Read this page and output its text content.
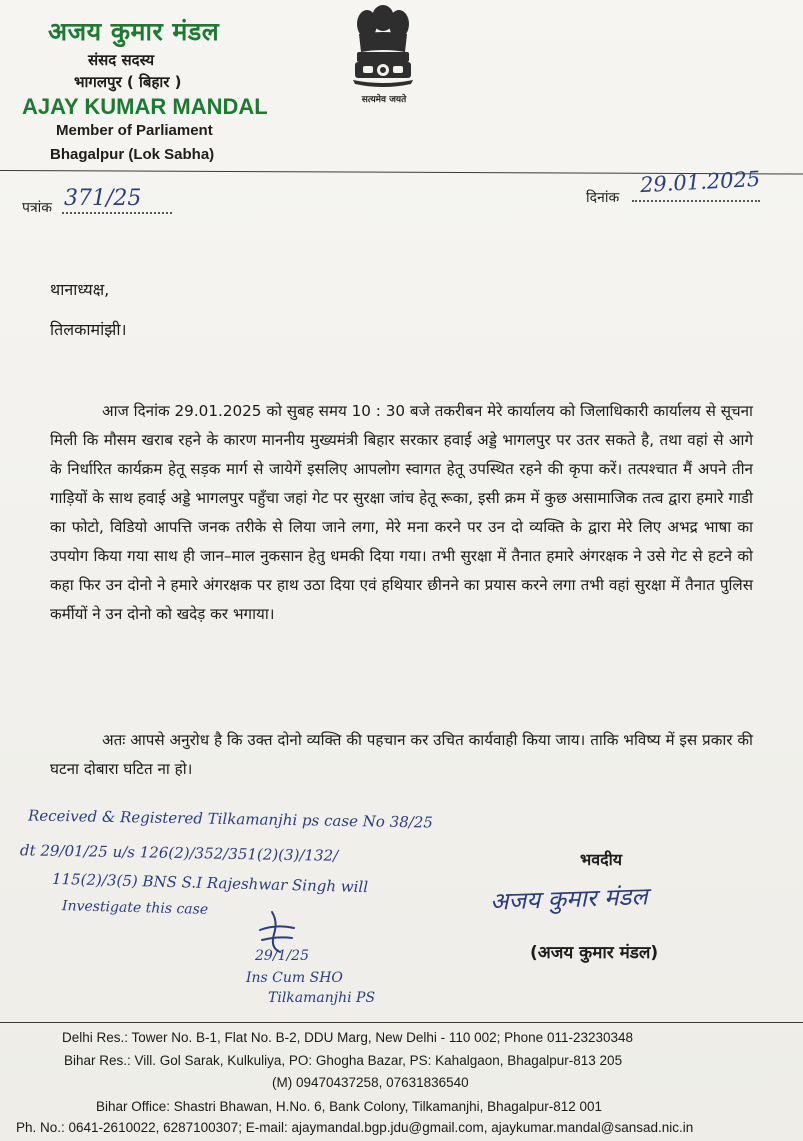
अजय कुमार मंडल
संसद सदस्य
भागलपुर ( बिहार )
AJAY KUMAR MANDAL
Member of Parliament
Bhagalpur (Lok Sabha)
सत्यमेव जयते
पत्रांक 371/25	दिनांक
29.01.2025
थानाध्यक्ष,
तिलकामांझी।
आज दिनांक 29.01.2025 को सुबह समय 10 : 30 बजे तकरीबन मेरे कार्यालय को जिलाधिकारी कार्यालय से सूचना मिली कि मौसम खराब रहने के कारण माननीय मुख्यमंत्री बिहार सरकार हवाई अड्डे भागलपुर पर उतर सकते है, तथा वहां से आगे के निर्धारित कार्यक्रम हेतू सड़क मार्ग से जायेगें इसलिए आपलोग स्वागत हेतू उपस्थित रहने की कृपा करें। तत्पश्चात मैं अपने तीन गाड़ियों के साथ हवाई अड्डे भागलपुर पहुँचा जहां गेट पर सुरक्षा जांच हेतू रूका, इसी क्रम में कुछ असामाजिक तत्व द्वारा हमारे गाडी का फोटो, विडियो आपत्ति जनक तरीके से लिया जाने लगा, मेरे मना करने पर उन दो व्यक्ति के द्वारा मेरे लिए अभद्र भाषा का उपयोग किया गया साथ ही जान–माल नुकसान हेतु धमकी दिया गया। तभी सुरक्षा में तैनात हमारे अंगरक्षक ने उसे गेट से हटने को कहा फिर उन दोनो ने हमारे अंगरक्षक पर हाथ उठा दिया एवं हथियार छीनने का प्रयास करने लगा तभी वहां सुरक्षा में तैनात पुलिस कर्मीयों ने उन दोनो को खदेड़ कर भगाया।
अतः आपसे अनुरोध है कि उक्त दोनो व्यक्ति की पहचान कर उचित कार्यवाही किया जाय। ताकि भविष्य में इस प्रकार की घटना दोबारा घटित ना हो।
Received & Registered Tilkamanjhi ps case No 38/25
dt 29/01/25 u/s 126(2)/352/351(2)(3)/132/
115(2)/3(5) BNS S.I Rajeshwar Singh will
Investigate this case
29/1/25
Ins Cum SHO
Tilkamanjhi PS
भवदीय
अजय कुमार मंडल
(अजय कुमार मंडल)
Delhi Res.: Tower No. B-1, Flat No. B-2, DDU Marg, New Delhi - 110 002; Phone 011-23230348
Bihar Res.: Vill. Gol Sarak, Kulkuliya, PO: Ghogha Bazar, PS: Kahalgaon, Bhagalpur-813 205
(M) 09470437258, 07631836540
Bihar Office: Shastri Bhawan, H.No. 6, Bank Colony, Tilkamanjhi, Bhagalpur-812 001
Ph. No.: 0641-2610022, 6287100307; E-mail: ajaymandal.bgp.jdu@gmail.com, ajaykumar.mandal@sansad.nic.in
